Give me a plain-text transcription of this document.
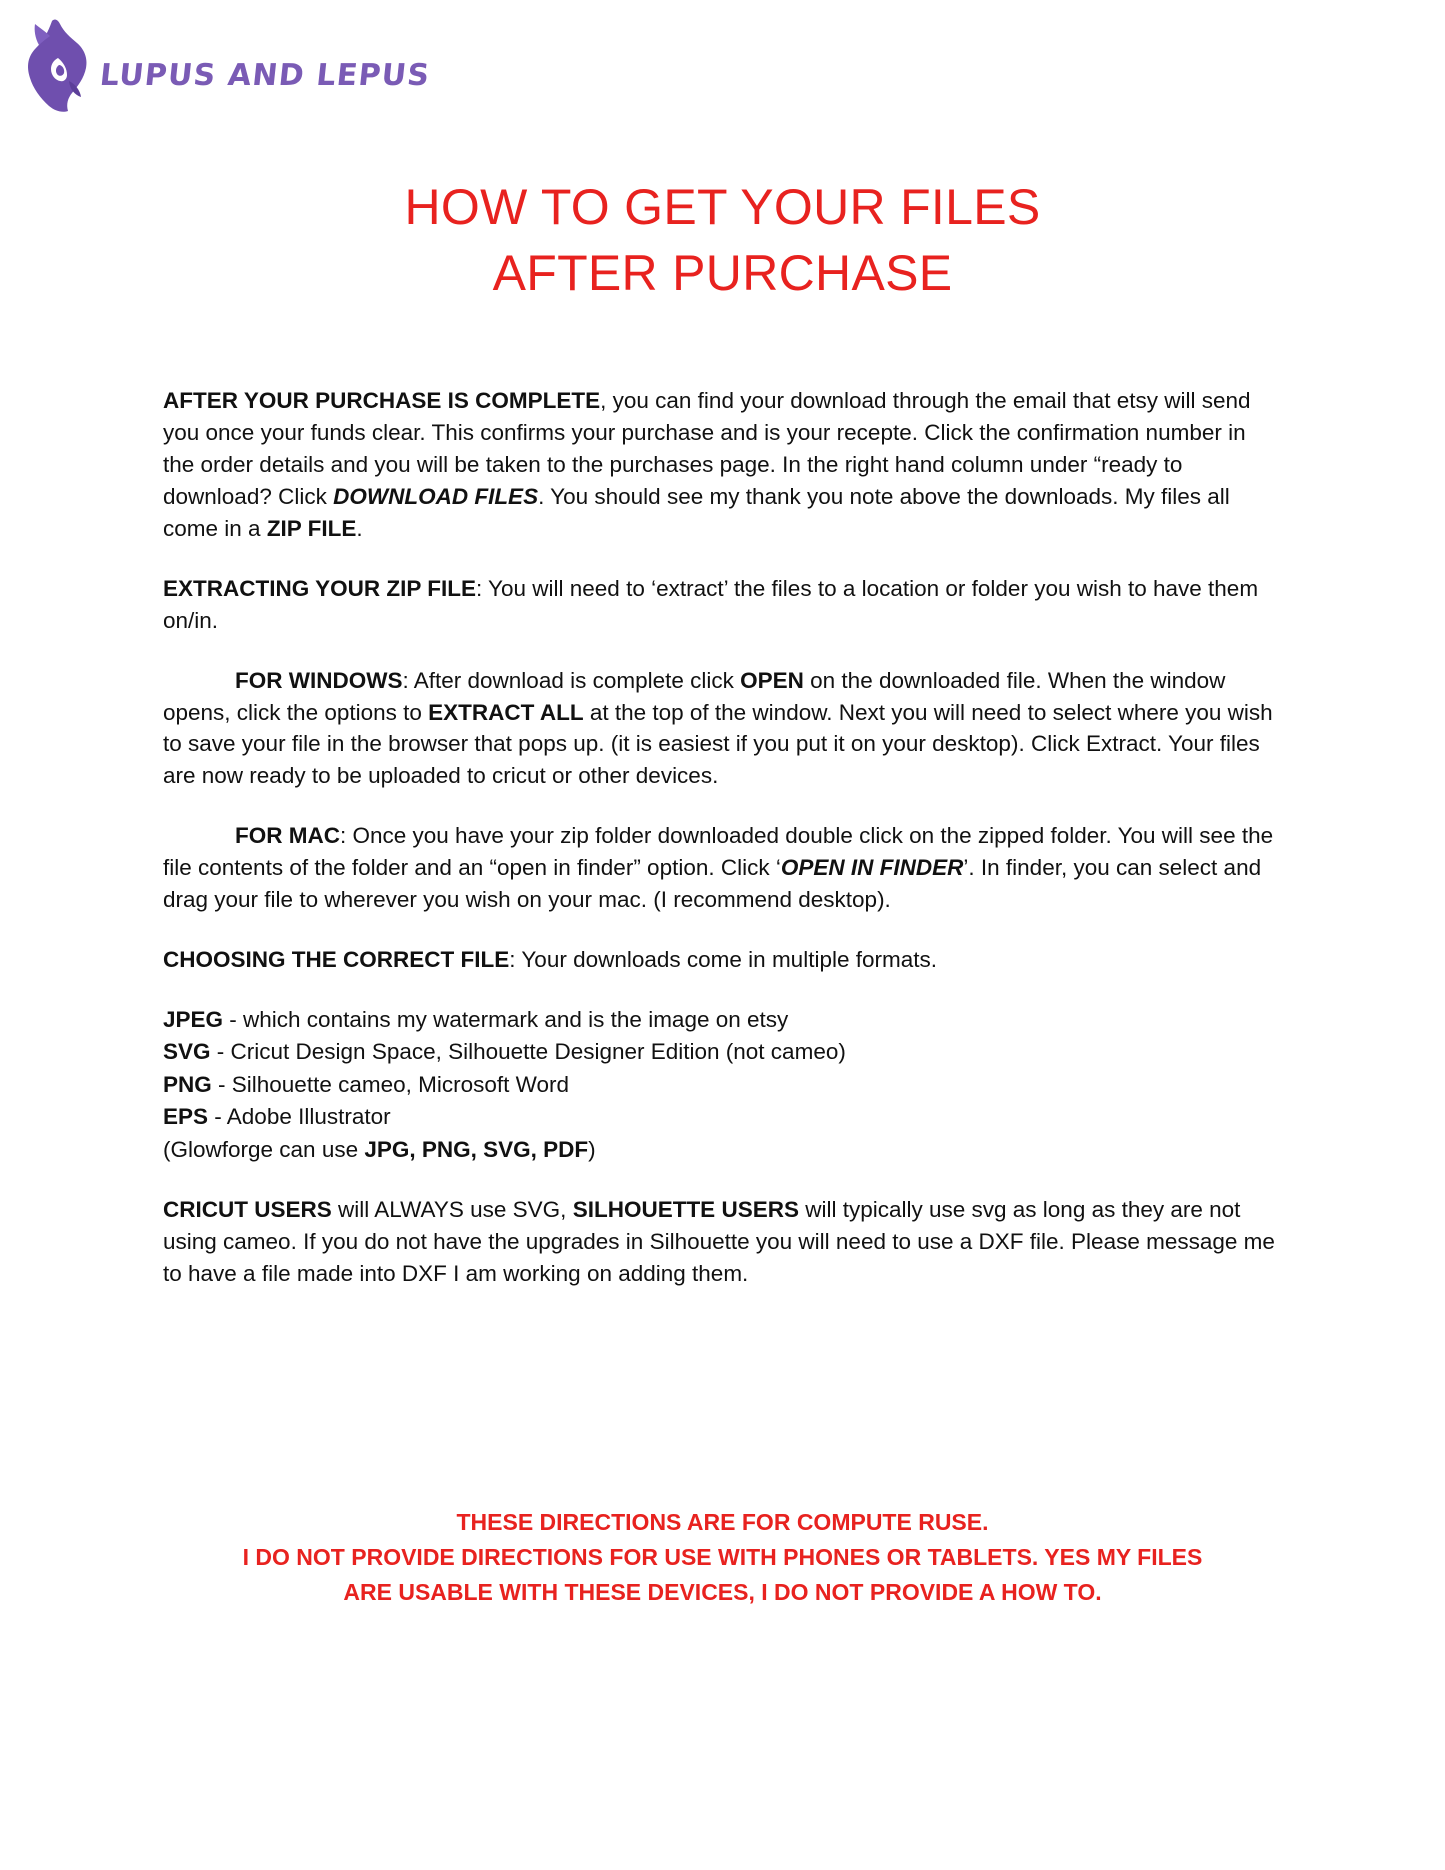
LUPUS AND LEPUS
HOW TO GET YOUR FILES
AFTER PURCHASE

AFTER YOUR PURCHASE IS COMPLETE, you can find your download through the email that etsy will send you once your funds clear. This confirms your purchase and is your recepte. Click the confirmation number in the order details and you will be taken to the purchases page. In the right hand column under “ready to download? Click DOWNLOAD FILES. You should see my thank you note above the downloads. My files all come in a ZIP FILE.

EXTRACTING YOUR ZIP FILE: You will need to ‘extract’ the files to a location or folder you wish to have them on/in.

FOR WINDOWS: After download is complete click OPEN on the downloaded file. When the window opens, click the options to EXTRACT ALL at the top of the window. Next you will need to select where you wish to save your file in the browser that pops up. (it is easiest if you put it on your desktop). Click Extract. Your files are now ready to be uploaded to cricut or other devices.

FOR MAC: Once you have your zip folder downloaded double click on the zipped folder. You will see the file contents of the folder and an “open in finder” option. Click ‘OPEN IN FINDER’. In finder, you can select and drag your file to wherever you wish on your mac. (I recommend desktop).

CHOOSING THE CORRECT FILE: Your downloads come in multiple formats.

JPEG - which contains my watermark and is the image on etsy
SVG - Cricut Design Space, Silhouette Designer Edition (not cameo)
PNG - Silhouette cameo, Microsoft Word
EPS - Adobe Illustrator
(Glowforge can use JPG, PNG, SVG, PDF)

CRICUT USERS will ALWAYS use SVG, SILHOUETTE USERS will typically use svg as long as they are not using cameo. If you do not have the upgrades in Silhouette you will need to use a DXF file. Please message me to have a file made into DXF I am working on adding them.

THESE DIRECTIONS ARE FOR COMPUTE RUSE.
I DO NOT PROVIDE DIRECTIONS FOR USE WITH PHONES OR TABLETS. YES MY FILES
ARE USABLE WITH THESE DEVICES, I DO NOT PROVIDE A HOW TO.
